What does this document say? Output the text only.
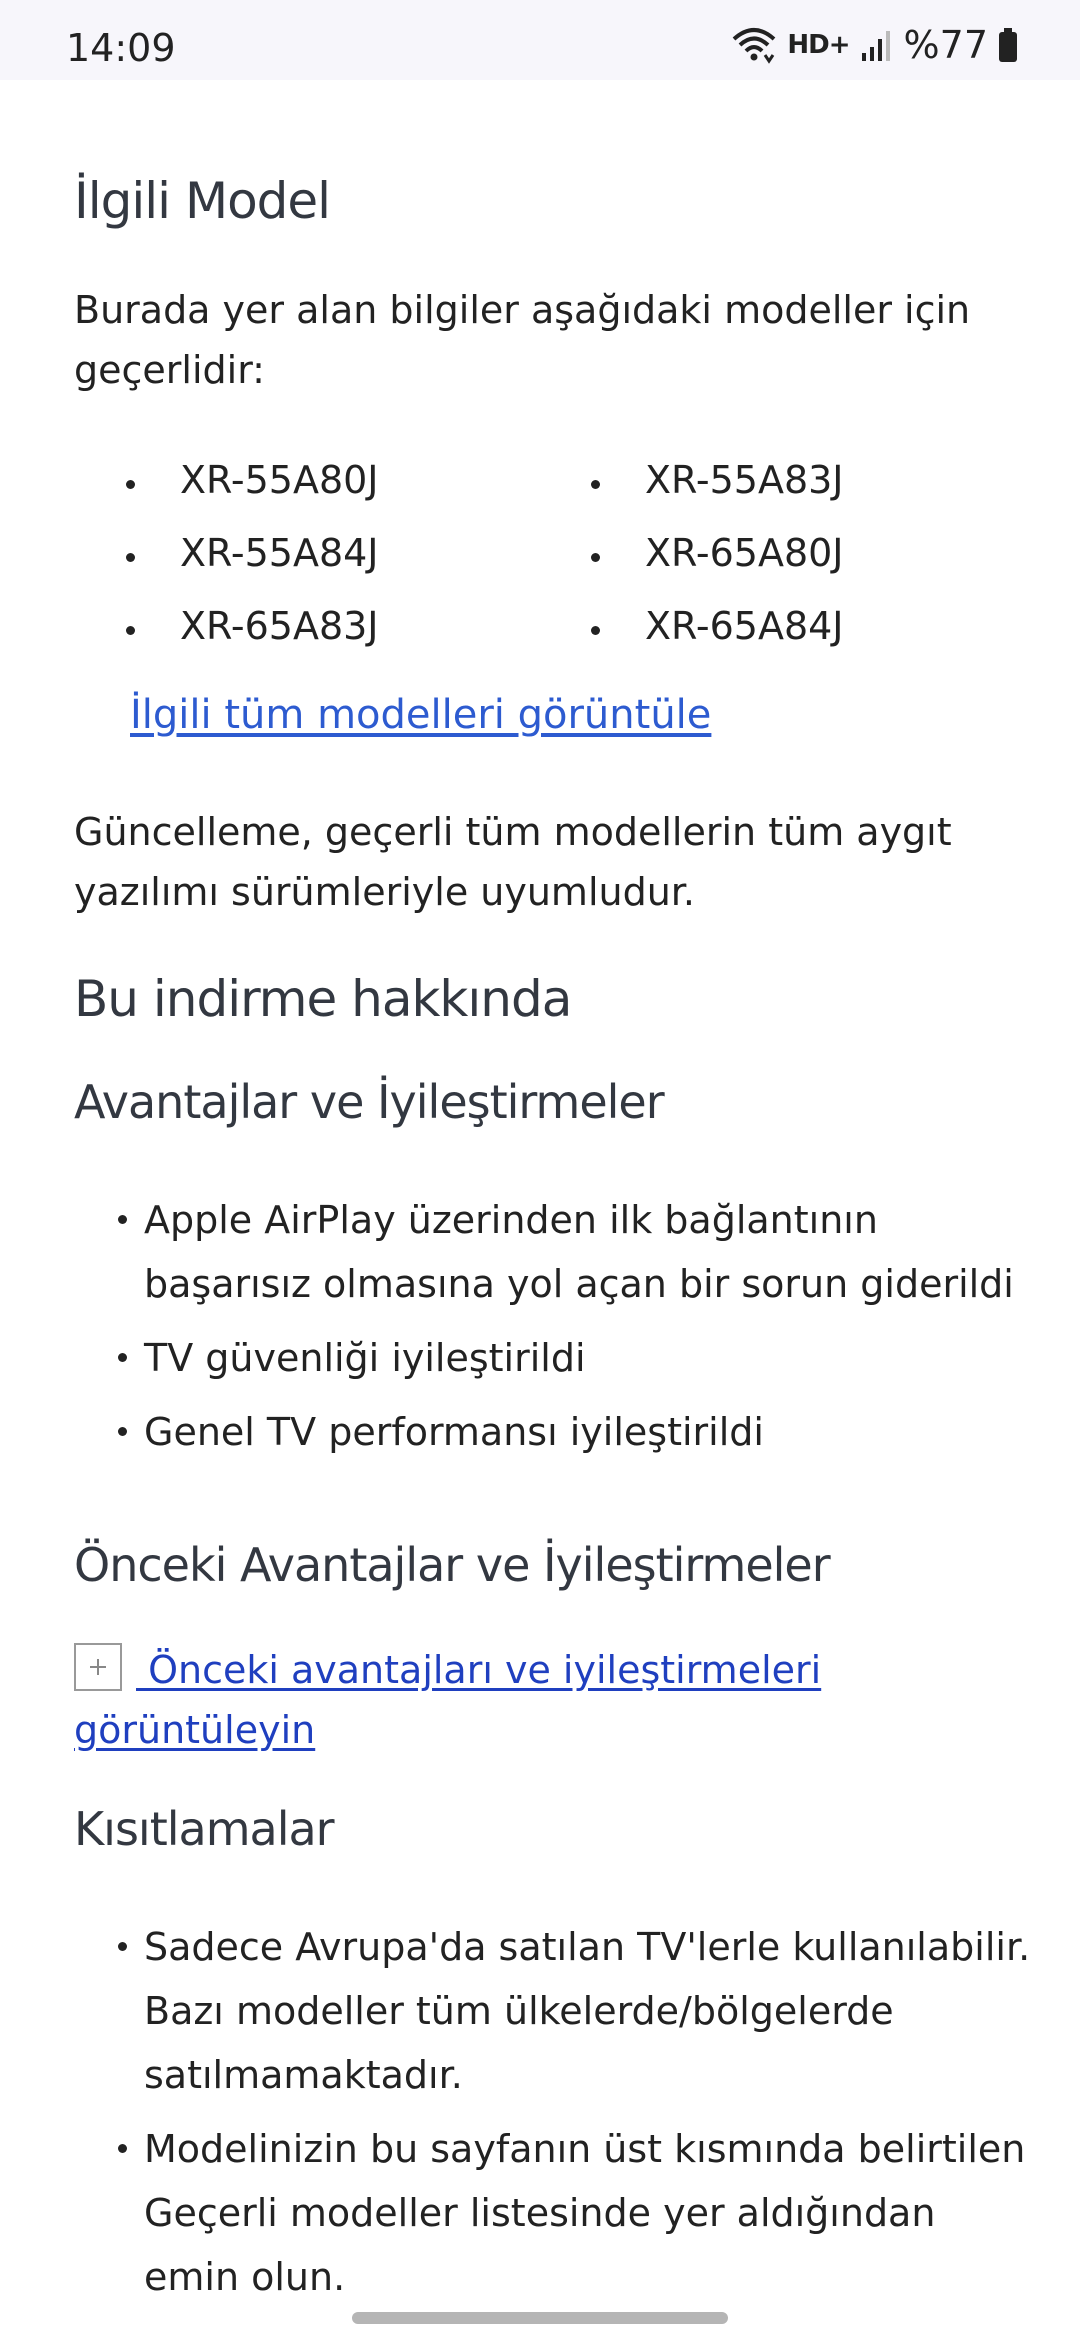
14:09	HD+ %77
İlgili Model
Burada yer alan bilgiler aşağıdaki modeller için geçerlidir:
XR-55A80J	XR-55A83J
XR-55A84J	XR-65A80J
XR-65A83J	XR-65A84J
İlgili tüm modelleri görüntüle
Güncelleme, geçerli tüm modellerin tüm aygıt yazılımı sürümleriyle uyumludur.
Bu indirme hakkında
Avantajlar ve İyileştirmeler
Apple AirPlay üzerinden ilk bağlantının başarısız olmasına yol açan bir sorun giderildi
TV güvenliği iyileştirildi
Genel TV performansı iyileştirildi
Önceki Avantajlar ve İyileştirmeler
Önceki avantajları ve iyileştirmeleri görüntüleyin
Kısıtlamalar
Sadece Avrupa'da satılan TV'lerle kullanılabilir. Bazı modeller tüm ülkelerde/bölgelerde satılmamaktadır.
Modelinizin bu sayfanın üst kısmında belirtilen Geçerli modeller listesinde yer aldığından emin olun.
